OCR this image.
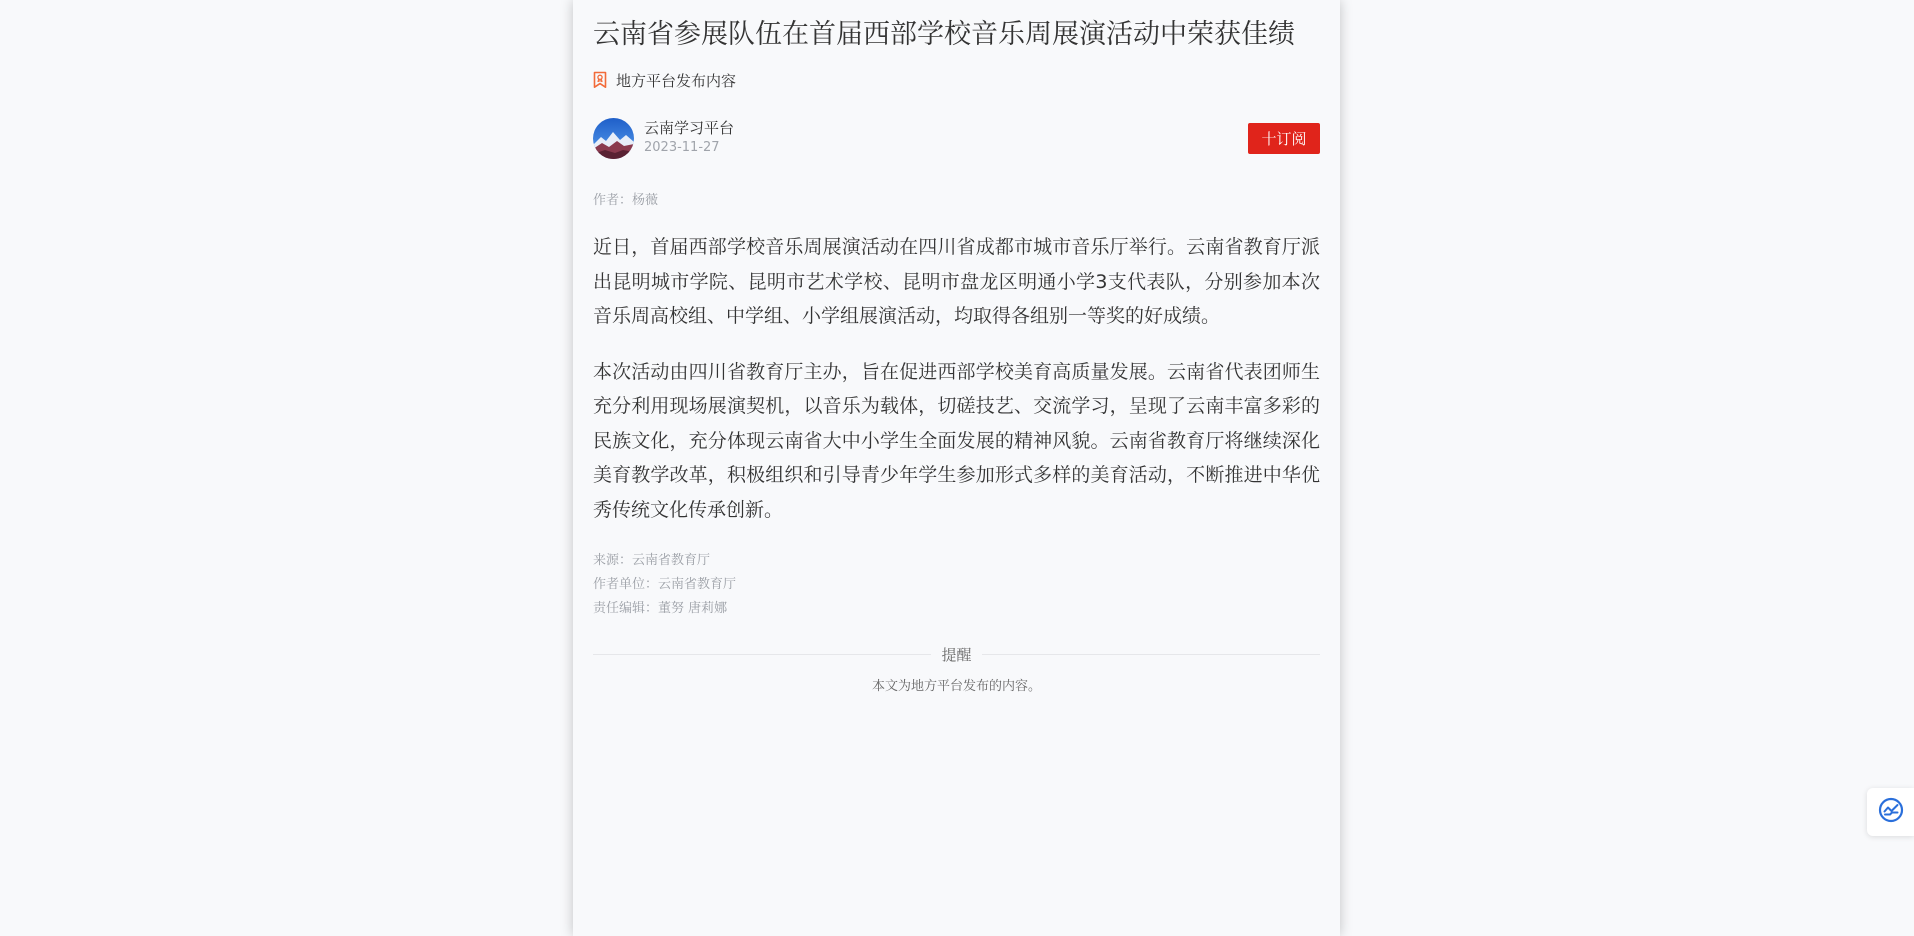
云南省参展队伍在首届西部学校音乐周展演活动中荣获佳绩
地方平台发布内容
云南学习平台
2023-11-27	十订阅
作者：杨薇

近日，首届西部学校音乐周展演活动在四川省成都市城市音乐厅举行。云南省教育厅派出昆明城市学院、昆明市艺术学校、昆明市盘龙区明通小学3支代表队，分别参加本次音乐周高校组、中学组、小学组展演活动，均取得各组别一等奖的好成绩。

本次活动由四川省教育厅主办，旨在促进西部学校美育高质量发展。云南省代表团师生充分利用现场展演契机，以音乐为载体，切磋技艺、交流学习，呈现了云南丰富多彩的民族文化，充分体现云南省大中小学生全面发展的精神风貌。云南省教育厅将继续深化美育教学改革，积极组织和引导青少年学生参加形式多样的美育活动，不断推进中华优秀传统文化传承创新。

来源：云南省教育厅
作者单位：云南省教育厅
责任编辑：董努 唐莉娜
提醒
本文为地方平台发布的内容。
